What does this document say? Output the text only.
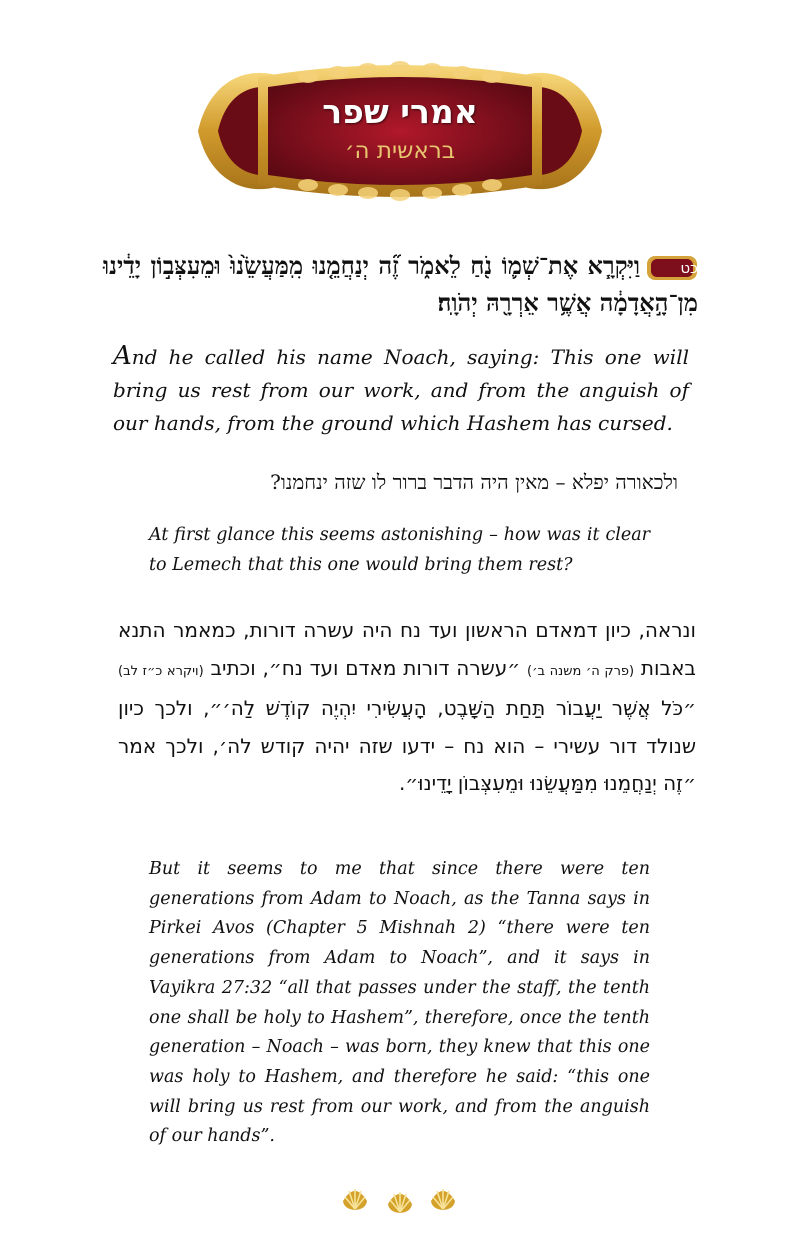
אמרי שפר
בראשית ה׳
כט
וַיִּקְרָ֧א אֶת־שְׁמ֛וֹ נֹ֖חַ לֵאמֹ֑ר זֶ֞ה יְנַחֲמֵ֤נוּ מִֽמַּעֲשֵׂ֙נוּ֙ וּמֵעִצְּב֣וֹן יָדֵ֔ינוּ מִן־הָ֣אֲדָמָ֔ה אֲשֶׁ֥ר אֵרְרָ֖הּ יְהֹוָֽה׃
And he called his name Noach, saying: This one will bring us rest from our work, and from the anguish of our hands, from the ground which Hashem has cursed.
ולכאורה יפלא – מאין היה הדבר ברור לו שזה ינחמנו?
At first glance this seems astonishing – how was it clear to Lemech that this one would bring them rest?
ונראה, כיון דמאדם הראשון ועד נח היה עשרה דורות, כמאמר התנא באבות (פרק ה׳ משנה ב׳) ״עשרה דורות מאדם ועד נח״, וכתיב (ויקרא כ״ז לב) ״כֹּל אֲשֶׁר יַעֲבוֹר תַּחַת הַשָּׁבֶט, הָעֲשִׂירִי יִהְיֶה קוֹדֶשׁ לַה׳״, ולכך כיון שנולד דור עשירי – הוא נח – ידעו שזה יהיה קודש לה׳, ולכך אמר ״זֶה יְנַחֲמֵנוּ מִמַּעֲשֵׂנוּ וּמֵעִצְּבוֹן יָדֵינוּ״.
But it seems to me that since there were ten generations from Adam to Noach, as the Tanna says in Pirkei Avos (Chapter 5 Mishnah 2) “there were ten generations from Adam to Noach”, and it says in Vayikra 27:32 “all that passes under the staff, the tenth one shall be holy to Hashem”, therefore, once the tenth generation – Noach – was born, they knew that this one was holy to Hashem, and therefore he said: “this one will bring us rest from our work, and from the anguish of our hands”.
